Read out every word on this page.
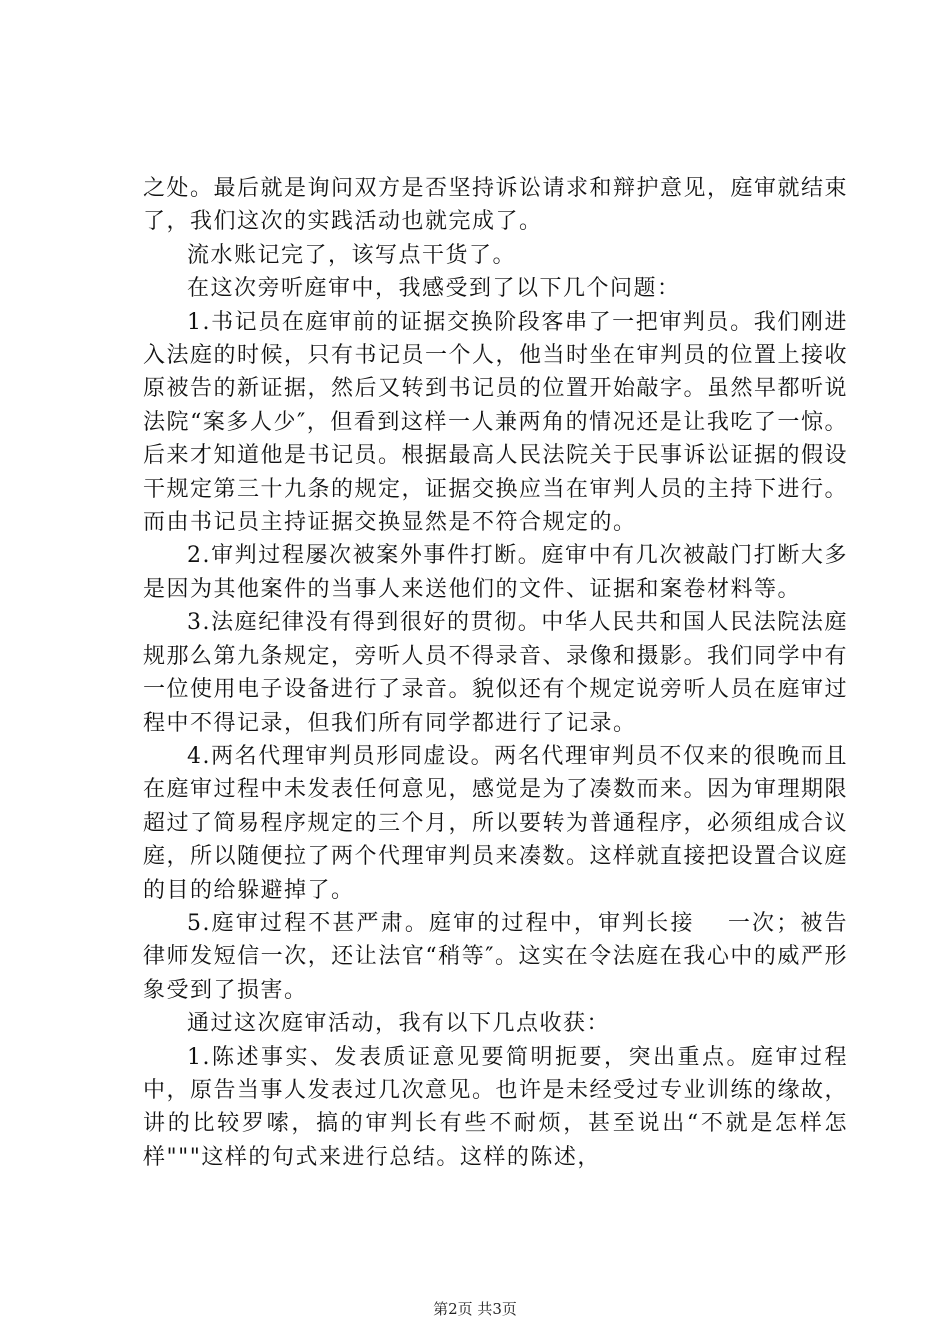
之处。最后就是询问双方是否坚持诉讼请求和辩护意见，庭审就结束了，我们这次的实践活动也就完成了。

流水账记完了，该写点干货了。

在这次旁听庭审中，我感受到了以下几个问题：

1.书记员在庭审前的证据交换阶段客串了一把审判员。我们刚进入法庭的时候，只有书记员一个人，他当时坐在审判员的位置上接收原被告的新证据，然后又转到书记员的位置开始敲字。虽然早都听说法院“案多人少″，但看到这样一人兼两角的情况还是让我吃了一惊。后来才知道他是书记员。根据最高人民法院关于民事诉讼证据的假设干规定第三十九条的规定，证据交换应当在审判人员的主持下进行。而由书记员主持证据交换显然是不符合规定的。

2.审判过程屡次被案外事件打断。庭审中有几次被敲门打断大多是因为其他案件的当事人来送他们的文件、证据和案卷材料等。

3.法庭纪律没有得到很好的贯彻。中华人民共和国人民法院法庭规那么第九条规定，旁听人员不得录音、录像和摄影。我们同学中有一位使用电子设备进行了录音。貌似还有个规定说旁听人员在庭审过程中不得记录，但我们所有同学都进行了记录。

4.两名代理审判员形同虚设。两名代理审判员不仅来的很晚而且在庭审过程中未发表任何意见，感觉是为了凑数而来。因为审理期限超过了简易程序规定的三个月，所以要转为普通程序，必须组成合议庭，所以随便拉了两个代理审判员来凑数。这样就直接把设置合议庭的目的给躲避掉了。

5.庭审过程不甚严肃。庭审的过程中，审判长接　 一次；被告律师发短信一次，还让法官“稍等″。这实在令法庭在我心中的威严形象受到了损害。

通过这次庭审活动，我有以下几点收获：

1.陈述事实、发表质证意见要简明扼要，突出重点。庭审过程中，原告当事人发表过几次意见。也许是未经受过专业训练的缘故，讲的比较罗嗦，搞的审判长有些不耐烦，甚至说出“不就是怎样怎样"""这样的句式来进行总结。这样的陈述，

第2页 共3页
